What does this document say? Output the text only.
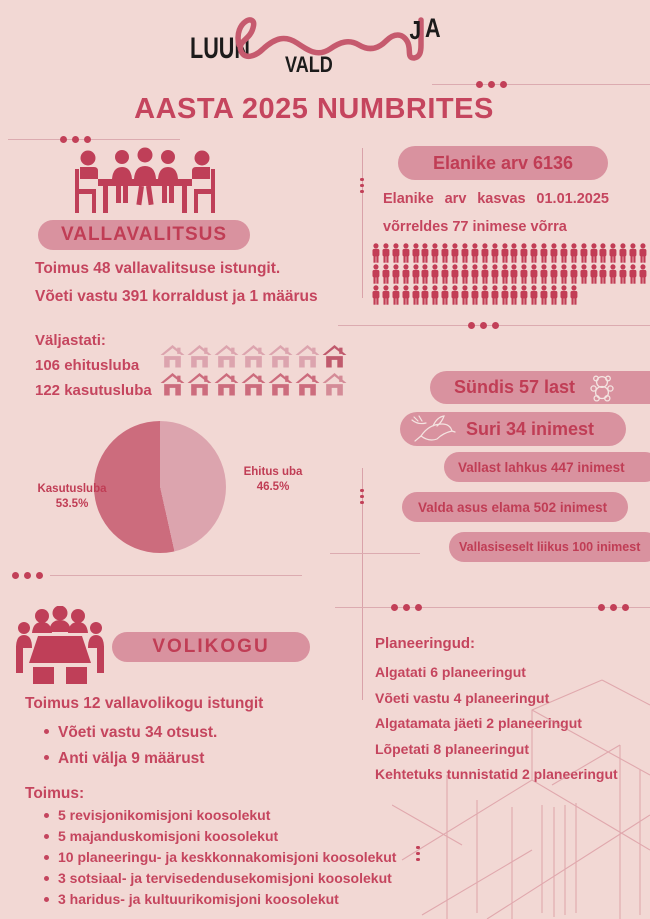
LUUN
A
VALD
AASTA 2025 NUMBRITES
VALLAVALITSUS
Toimus 48 vallavalitsuse istungit.
Võeti vastu 391 korraldust ja 1 määrus
Väljastati:
106 ehitusluba
122 kasutusluba
Ehitus uba
46.5%
Kasutusluba
53.5%
Elanike arv 6136
Elanike arv kasvas 01.01.2025
võrreldes 77 inimese võrra
Sündis 57 last
Suri 34 inimest
Vallast lahkus 447 inimest
Valda asus elama 502 inimest
Vallasiseselt liikus 100 inimest
VOLIKOGU
Toimus 12 vallavolikogu istungit
Võeti vastu 34 otsust.
Anti välja 9 määrust
Toimus:
5 revisjonikomisjoni koosolekut
5 majanduskomisjoni koosolekut
10 planeeringu- ja keskkonnakomisjoni koosolekut
3 sotsiaal- ja tervisedendusekomisjoni koosolekut
3 haridus- ja kultuurikomisjoni koosolekut
Planeeringud:
Algatati 6 planeeringut
Võeti vastu 4 planeeringut
Algatamata jäeti 2 planeeringut
Lõpetati 8 planeeringut
Kehtetuks tunnistatid 2 planeeringut
J
